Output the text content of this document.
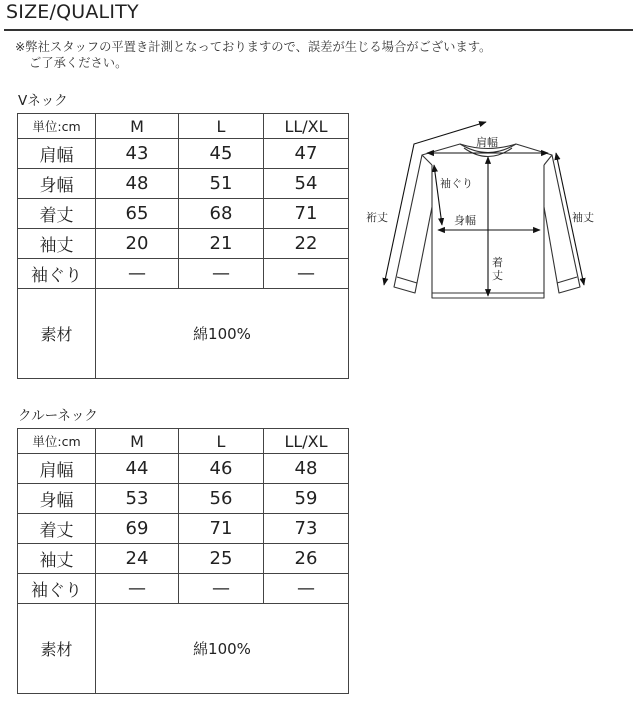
SIZE/QUALITY
※弊社スタッフの平置き計測となっておりますので、誤差が生じる場合がございます。
ご了承ください。
Vネック
単位:cm	M	L	LL/XL
肩幅	43	45	47
身幅	48	51	54
着丈	65	68	71
袖丈	20	21	22
袖ぐり	—	—	—
素材	綿100%		
クルーネック
単位:cm	M	L	LL/XL
肩幅	44	46	48
身幅	53	56	59
着丈	69	71	73
袖丈	24	25	26
袖ぐり	—	—	—
素材	綿100%		
肩幅
袖ぐり
裄丈	身幅
着
丈
袖丈
